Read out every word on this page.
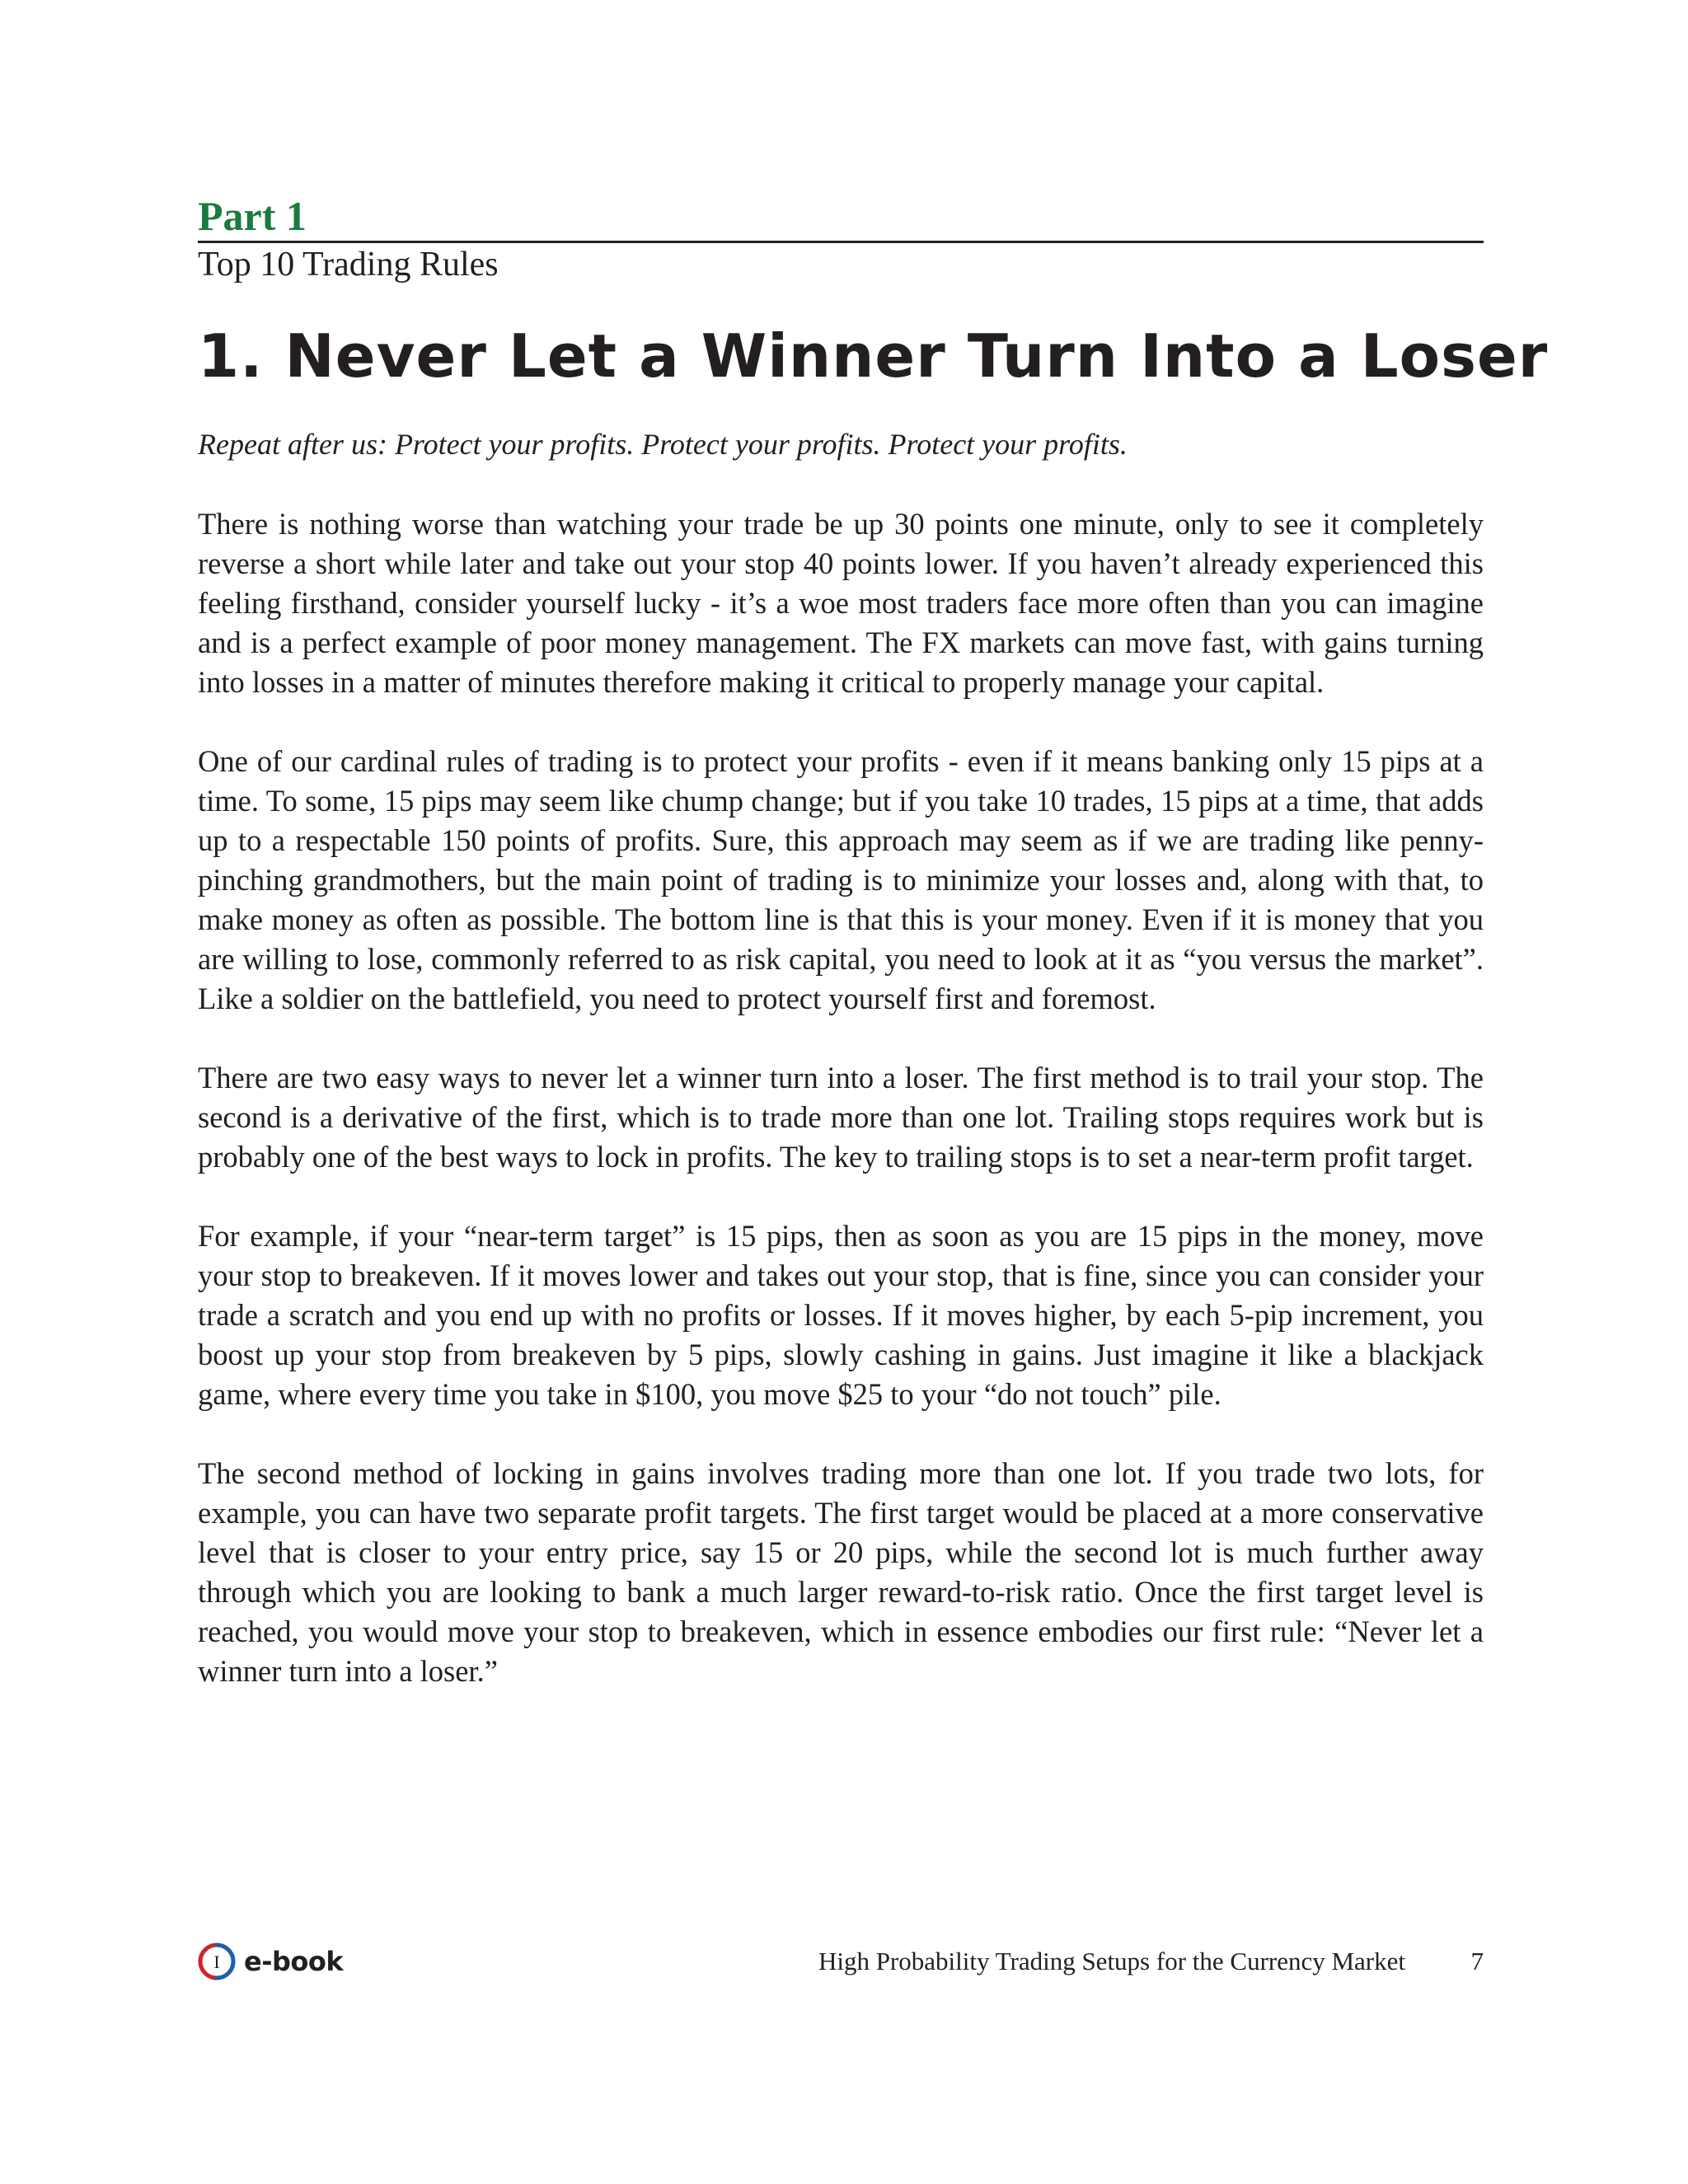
Part 1
Top 10 Trading Rules
1. Never Let a Winner Turn Into a Loser

Repeat after us: Protect your profits. Protect your profits. Protect your profits.

There is nothing worse than watching your trade be up 30 points one minute, only to see it completely reverse a short while later and take out your stop 40 points lower. If you haven’t already experienced this feeling firsthand, consider yourself lucky - it’s a woe most traders face more often than you can imagine and is a perfect example of poor money management. The FX markets can move fast, with gains turning into losses in a matter of minutes therefore making it critical to properly manage your capital.

One of our cardinal rules of trading is to protect your profits - even if it means banking only 15 pips at a time. To some, 15 pips may seem like chump change; but if you take 10 trades, 15 pips at a time, that adds up to a respectable 150 points of profits. Sure, this approach may seem as if we are trading like penny-pinching grandmothers, but the main point of trading is to minimize your losses and, along with that, to make money as often as possible. The bottom line is that this is your money. Even if it is money that you are willing to lose, commonly referred to as risk capital, you need to look at it as “you versus the market”. Like a soldier on the battlefield, you need to protect yourself first and foremost.

There are two easy ways to never let a winner turn into a loser. The first method is to trail your stop. The second is a derivative of the first, which is to trade more than one lot. Trailing stops requires work but is probably one of the best ways to lock in profits. The key to trailing stops is to set a near-term profit target.

For example, if your “near-term target” is 15 pips, then as soon as you are 15 pips in the money, move your stop to breakeven. If it moves lower and takes out your stop, that is fine, since you can consider your trade a scratch and you end up with no profits or losses. If it moves higher, by each 5-pip increment, you boost up your stop from breakeven by 5 pips, slowly cashing in gains. Just imagine it like a blackjack game, where every time you take in $100, you move $25 to your “do not touch” pile.

The second method of locking in gains involves trading more than one lot. If you trade two lots, for example, you can have two separate profit targets. The first target would be placed at a more conservative level that is closer to your entry price, say 15 or 20 pips, while the second lot is much further away through which you are looking to bank a much larger reward-to-risk ratio. Once the first target level is reached, you would move your stop to breakeven, which in essence embodies our first rule: “Never let a winner turn into a loser.”

I e-book	High Probability Trading Setups for the Currency Market	7
